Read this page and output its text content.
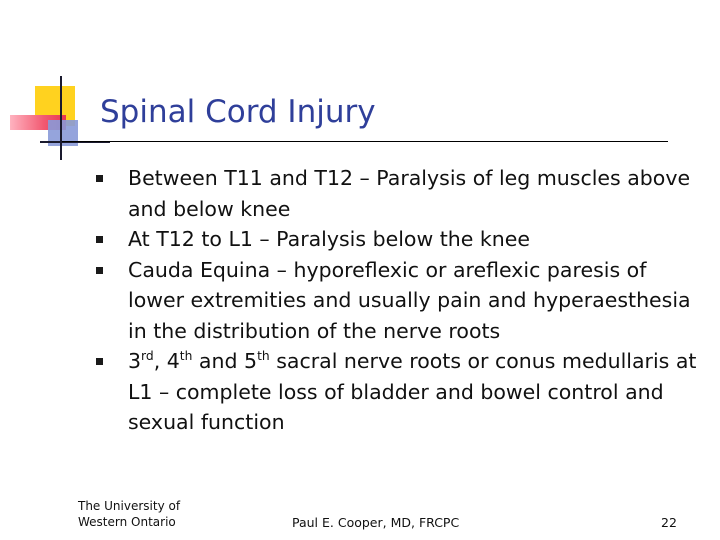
Spinal Cord Injury
Between T11 and T12 – Paralysis of leg muscles above and below knee
At T12 to L1 – Paralysis below the knee
Cauda Equina – hyporeflexic or areflexic paresis of lower extremities and usually pain and hyperaesthesia in the distribution of the nerve roots
3rd, 4th and 5th sacral nerve roots or conus medullaris at L1 – complete loss of bladder and bowel control and sexual function
The University of
Western Ontario	Paul E. Cooper, MD, FRCPC	22
